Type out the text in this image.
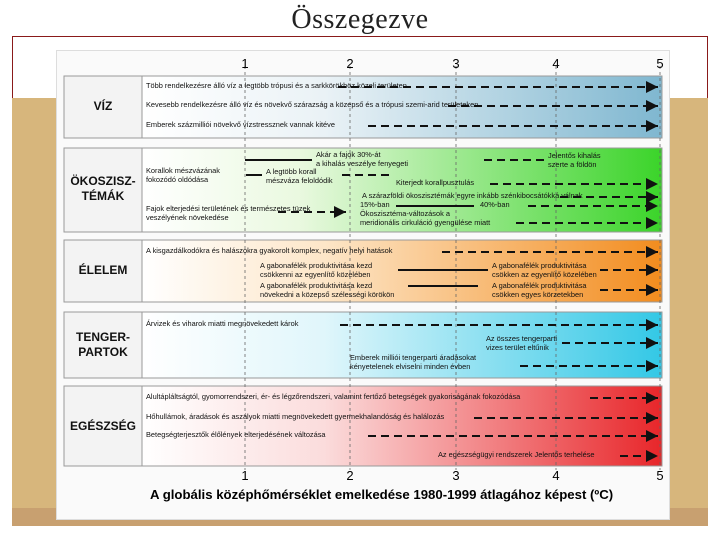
Összegezve
1	2	3	4	5
1	2	3	4	5
A globális középhőmérséklet emelkedése 1980-1999 átlagához képest (ºC)
VÍZ
ÖKOSZISZ-
TÉMÁK
ÉLELEM
TENGER-
PARTOK
EGÉSZSÉG
Több rendelkezésre álló víz a legtöbb trópusi és a sarkkörökhöz közeli területen
Kevesebb rendelkezésre álló víz és növekvő szárazság a közepső és a trópusi szemi-arid területeken
Emberek százmilliói növekvő vízstressznek vannak kitéve
Akár a fajok 30%-át
a kihalás veszélye fenyegeti
Jelentős kihalás
szerte a földön
Korallok mészvázának
fokozódó oldódása
A legtöbb korall
mészváza feloldódik	Kiterjedt korallpusztulás
A szárazföldi ökoszisztémák egyre inkább szénkibocsátókká válnak
15%-ban	40%-ban
Fajok elterjedési területének és természetes tüzek
veszélyének növekedése	Ökoszisztéma-változások a
meridionális cirkuláció gyengülése miatt
A kisgazdálkodókra és halászokra gyakorolt komplex, negatív helyi hatások
A gabonafélék produktivitása kezd
csökkenni az egyenlítő közelében
A gabonafélék produktivitása
csökken az egyenlítő közelében
A gabonafélék produktivitása kezd
növekedni a közepső szélességi körökön
A gabonafélék produktivitása
csökken egyes körzetekben
Árvizek és viharok miatti megnövekedett károk
Az összes tengerparti
vizes terület eltűnik
Emberek milliói tengerparti áradásokat
kényetelenek elviselni minden évben
Alultápláltságtól, gyomorrendszeri, ér- és légzőrendszeri, valamint fertőző betegségek gyakoriságának fokozódása
Hőhullámok, áradások és aszályok miatti megnövekedett gyermekhalandóság és halálozás
Betegségterjesztők élőlények elterjedésének változása
Az egészségügyi rendszerek Jelentős terhelése
